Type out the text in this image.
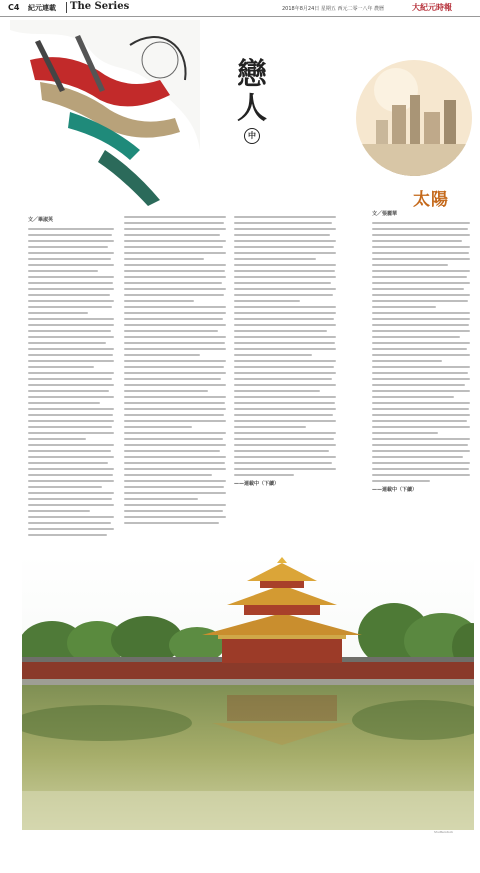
C4 紀元連載 The Series	2018年8月24日 星期五 西元二零一八年 農曆	大紀元時報
戀
人
中
太陽
文／畢淑英
——連載中（下續）
文／張麗華
——連載中（下續）
Shutterstock
